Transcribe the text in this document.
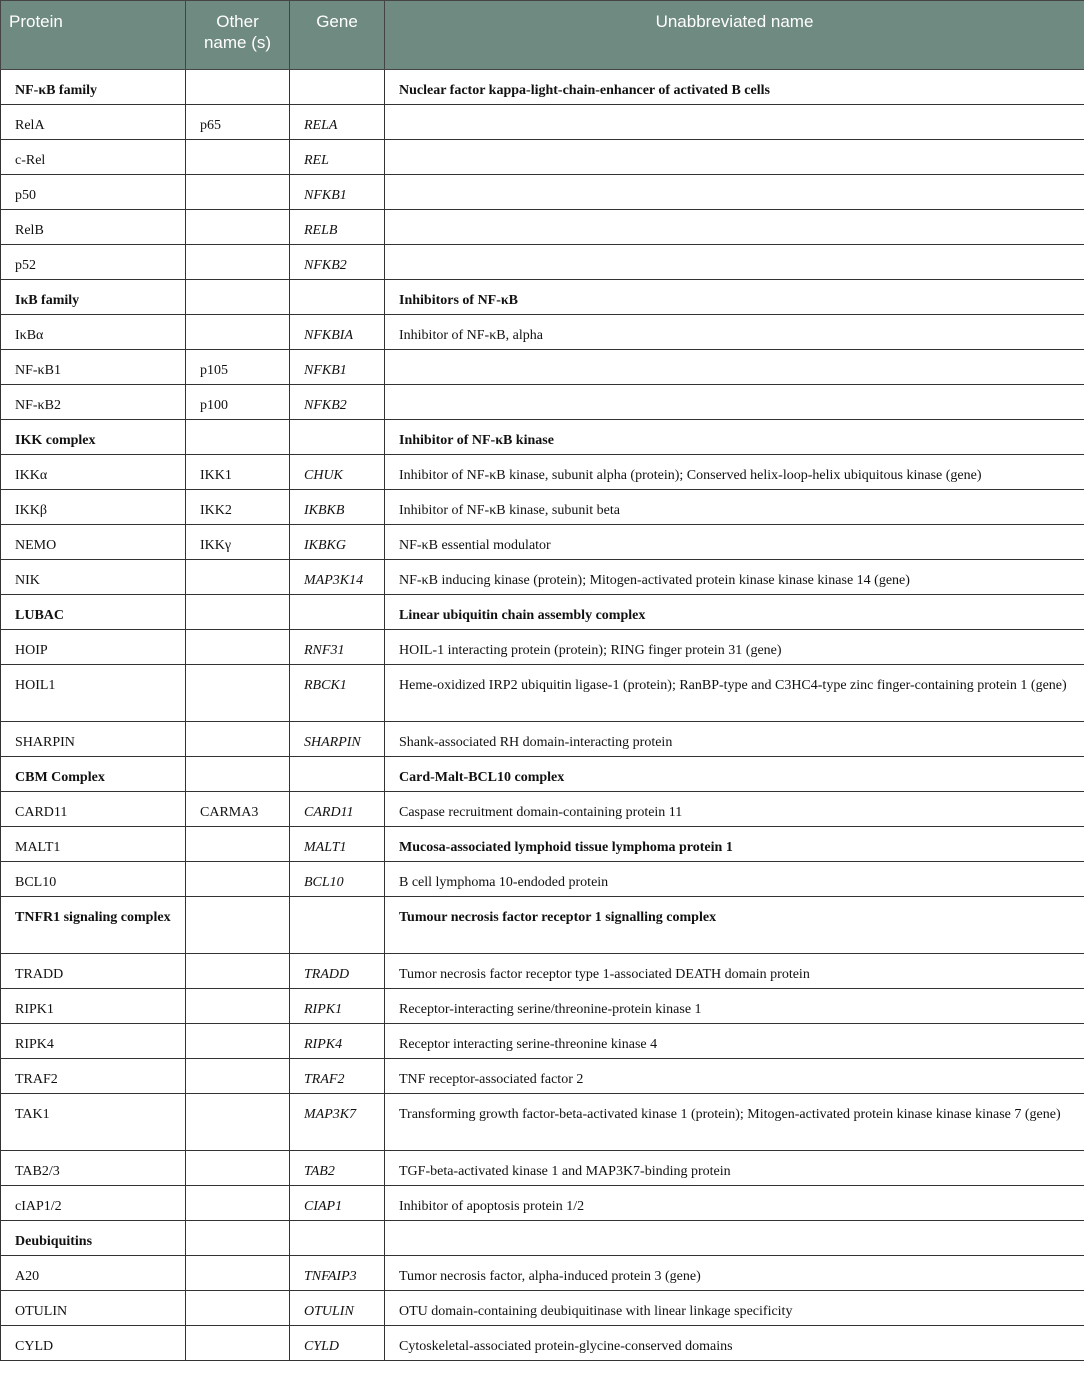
Protein	Other name (s)	Gene	Unabbreviated name
NF-κB family			Nuclear factor kappa-light-chain-enhancer of activated B cells
RelA	p65	RELA	
c-Rel		REL	
p50		NFKB1	
RelB		RELB	
p52		NFKB2	
IκB family			Inhibitors of NF-κB
IκBα		NFKBIA	Inhibitor of NF-κB, alpha
NF-κB1	p105	NFKB1	
NF-κB2	p100	NFKB2	
IKK complex			Inhibitor of NF-κB kinase
IKKα	IKK1	CHUK	Inhibitor of NF-κB kinase, subunit alpha (protein); Conserved helix-loop-helix ubiquitous kinase (gene)
IKKβ	IKK2	IKBKB	Inhibitor of NF-κB kinase, subunit beta
NEMO	IKKγ	IKBKG	NF-κB essential modulator
NIK		MAP3K14	NF-κB inducing kinase (protein); Mitogen-activated protein kinase kinase kinase 14 (gene)
LUBAC			Linear ubiquitin chain assembly complex
HOIP		RNF31	HOIL-1 interacting protein (protein); RING finger protein 31 (gene)
HOIL1		RBCK1	Heme-oxidized IRP2 ubiquitin ligase-1 (protein); RanBP-type and C3HC4-type zinc finger-containing protein 1 (gene)
SHARPIN		SHARPIN	Shank-associated RH domain-interacting protein
CBM Complex			Card-Malt-BCL10 complex
CARD11	CARMA3	CARD11	Caspase recruitment domain-containing protein 11
MALT1		MALT1	Mucosa-associated lymphoid tissue lymphoma protein 1
BCL10		BCL10	B cell lymphoma 10-endoded protein
TNFR1 signaling complex			Tumour necrosis factor receptor 1 signalling complex
TRADD		TRADD	Tumor necrosis factor receptor type 1-associated DEATH domain protein
RIPK1		RIPK1	Receptor-interacting serine/threonine-protein kinase 1
RIPK4		RIPK4	Receptor interacting serine-threonine kinase 4
TRAF2		TRAF2	TNF receptor-associated factor 2
TAK1		MAP3K7	Transforming growth factor-beta-activated kinase 1 (protein); Mitogen-activated protein kinase kinase kinase 7 (gene)
TAB2/3		TAB2	TGF-beta-activated kinase 1 and MAP3K7-binding protein
cIAP1/2		CIAP1	Inhibitor of apoptosis protein 1/2
Deubiquitins			
A20		TNFAIP3	Tumor necrosis factor, alpha-induced protein 3 (gene)
OTULIN		OTULIN	OTU domain-containing deubiquitinase with linear linkage specificity
CYLD		CYLD	Cytoskeletal-associated protein-glycine-conserved domains
